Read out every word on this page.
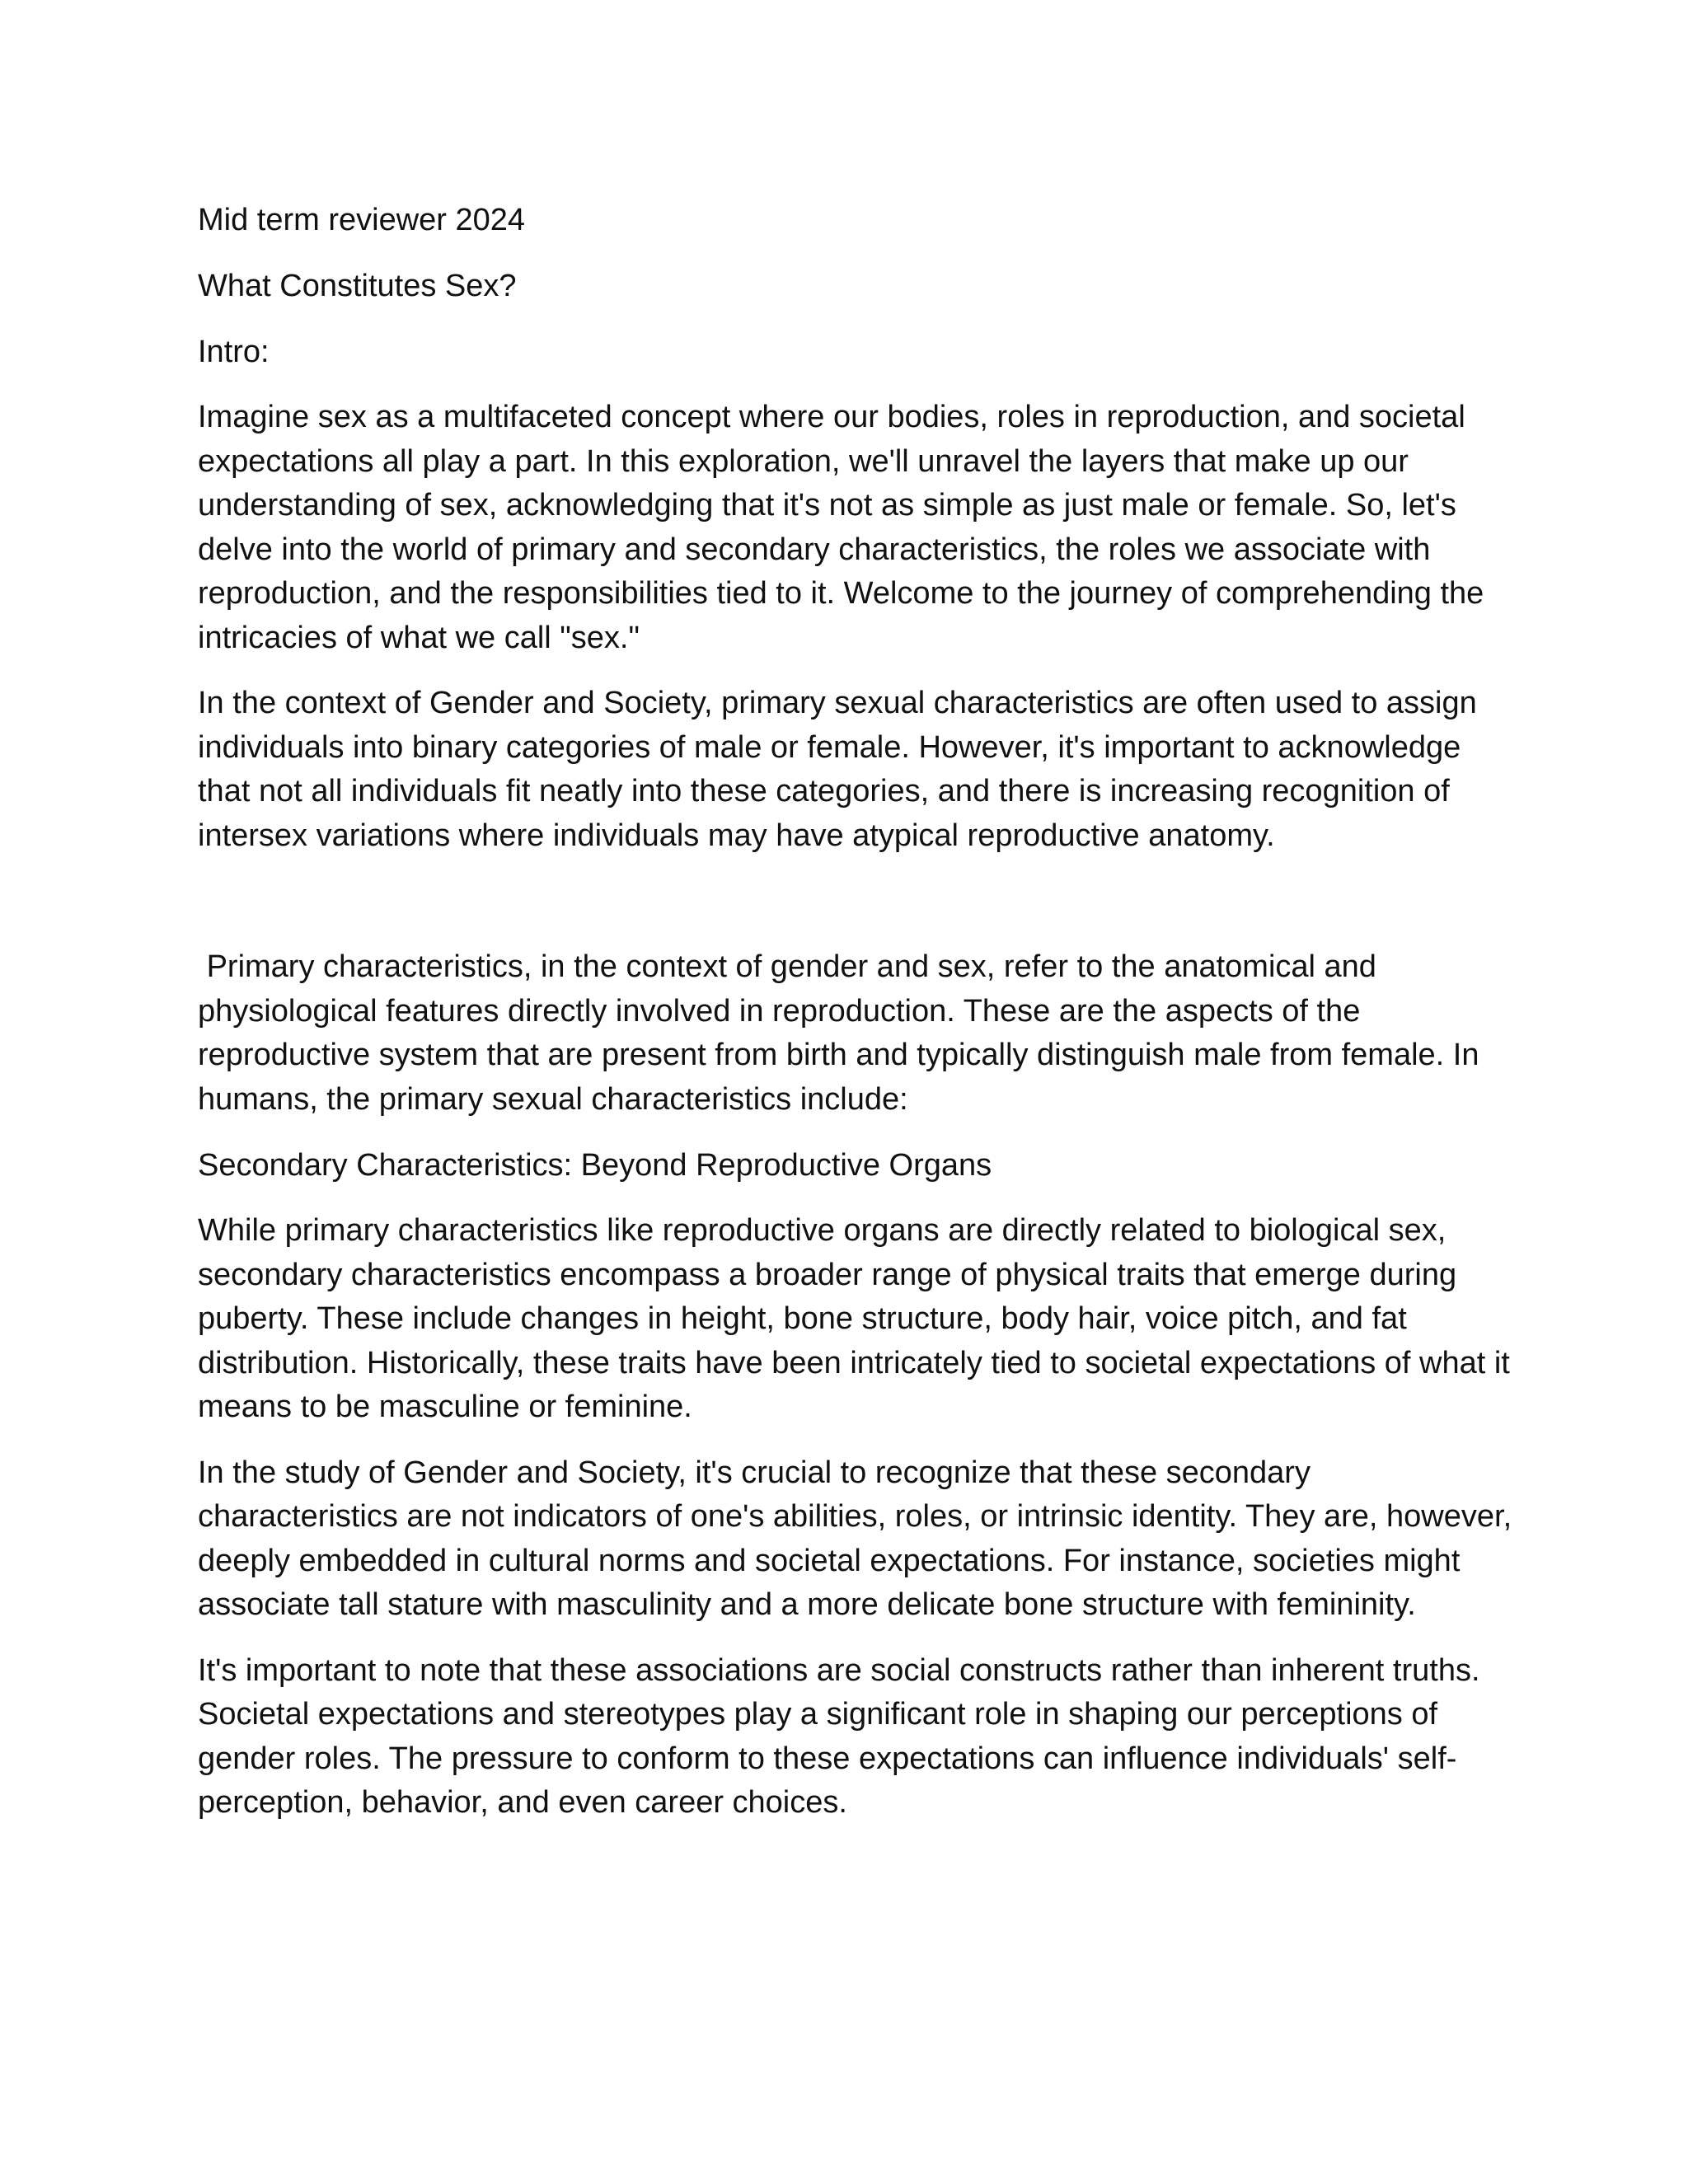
Mid term reviewer 2024

What Constitutes Sex?

Intro:

Imagine sex as a multifaceted concept where our bodies, roles in reproduction, and societal expectations all play a part. In this exploration, we'll unravel the layers that make up our understanding of sex, acknowledging that it's not as simple as just male or female. So, let's delve into the world of primary and secondary characteristics, the roles we associate with reproduction, and the responsibilities tied to it. Welcome to the journey of comprehending the intricacies of what we call "sex."

In the context of Gender and Society, primary sexual characteristics are often used to assign individuals into binary categories of male or female. However, it's important to acknowledge that not all individuals fit neatly into these categories, and there is increasing recognition of intersex variations where individuals may have atypical reproductive anatomy.

Primary characteristics, in the context of gender and sex, refer to the anatomical and physiological features directly involved in reproduction. These are the aspects of the reproductive system that are present from birth and typically distinguish male from female. In humans, the primary sexual characteristics include:

Secondary Characteristics: Beyond Reproductive Organs

While primary characteristics like reproductive organs are directly related to biological sex, secondary characteristics encompass a broader range of physical traits that emerge during puberty. These include changes in height, bone structure, body hair, voice pitch, and fat distribution. Historically, these traits have been intricately tied to societal expectations of what it means to be masculine or feminine.

In the study of Gender and Society, it's crucial to recognize that these secondary characteristics are not indicators of one's abilities, roles, or intrinsic identity. They are, however, deeply embedded in cultural norms and societal expectations. For instance, societies might associate tall stature with masculinity and a more delicate bone structure with femininity.

It's important to note that these associations are social constructs rather than inherent truths. Societal expectations and stereotypes play a significant role in shaping our perceptions of gender roles. The pressure to conform to these expectations can influence individuals' self-perception, behavior, and even career choices.
